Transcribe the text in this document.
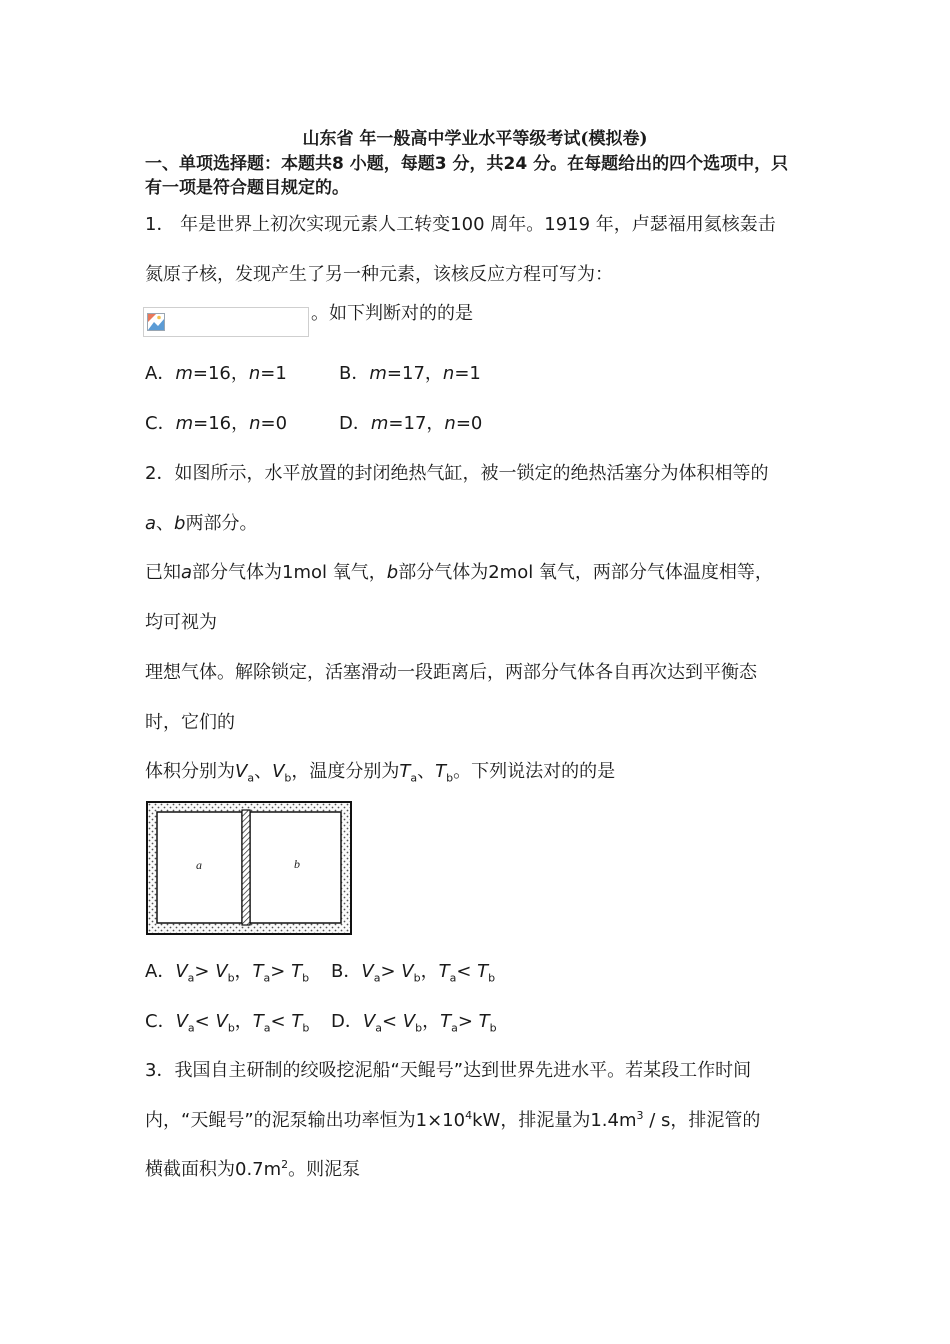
山东省 年一般高中学业水平等级考试(模拟卷)
一、单项选择题：本题共8 小题，每题3 分，共24 分。在每题给出的四个选项中，只
有一项是符合题目规定的。
1． 年是世界上初次实现元素人工转变100 周年。1919 年，卢瑟福用氦核轰击
氮原子核，发现产生了另一种元素，该核反应方程可写为：
。如下判断对的的是
A．m=16，n=1	B．m=17，n=1
C．m=16，n=0	D．m=17，n=0
2．如图所示，水平放置的封闭绝热气缸，被一锁定的绝热活塞分为体积相等的
a、b两部分。
已知a部分气体为1mol 氧气，b部分气体为2mol 氧气，两部分气体温度相等，
均可视为
理想气体。解除锁定，活塞滑动一段距离后，两部分气体各自再次达到平衡态
时，它们的
体积分别为$V_a$、$V_b$，温度分别为$T_a$、$T_b$。下列说法对的的是
a	b
A．$V_a> V_b$，$T_a> T_b$ B．$V_a> V_b$，$T_a< T_b$
C．$V_a< V_b$，$T_a< T_b$ D．$V_a< V_b$，$T_a> T_b$
3．我国自主研制的绞吸挖泥船“天鲲号”达到世界先进水平。若某段工作时间
内，“天鲲号”的泥泵输出功率恒为$1\times 10^4kW$，排泥量为$1.4m^3$ / s，排泥管的
横截面积为$0.7m^2$。则泥泵
